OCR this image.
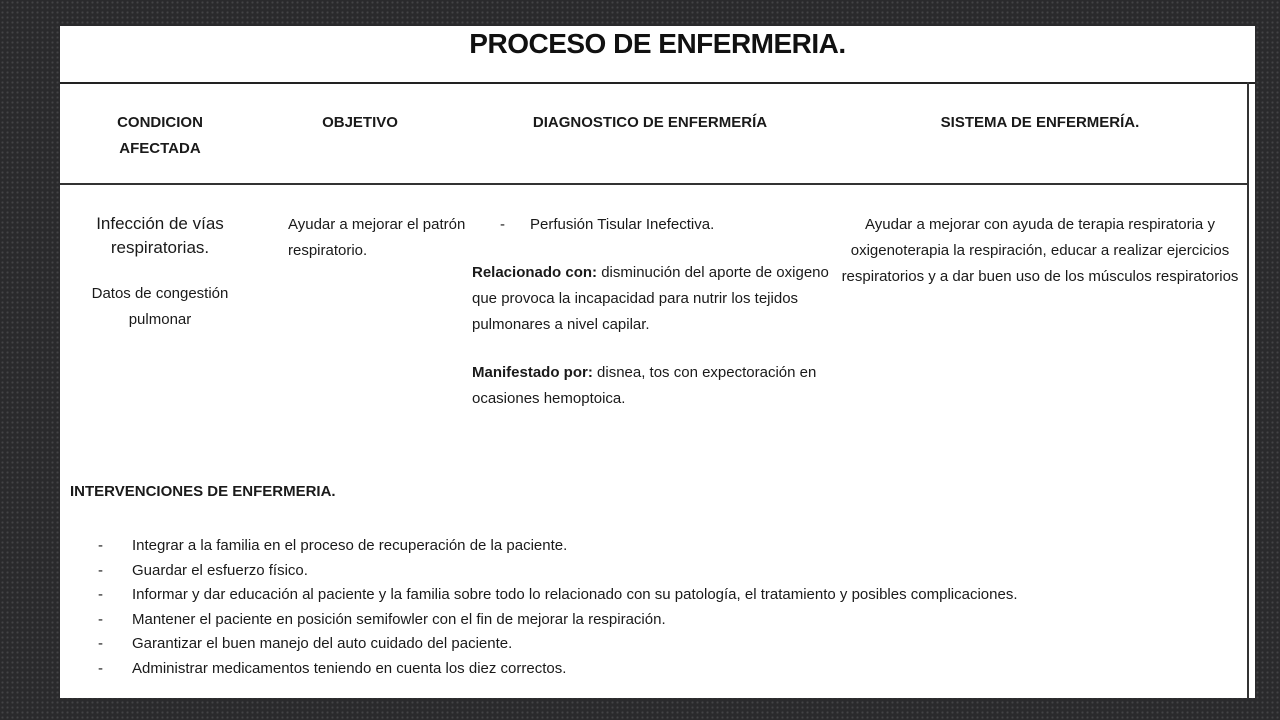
PROCESO DE ENFERMERIA.
CONDICION AFECTADA
OBJETIVO	DIAGNOSTICO DE ENFERMERÍA	SISTEMA DE ENFERMERÍA.
Infección de vías respiratorias.
Datos de congestión pulmonar
Ayudar a mejorar el patrón respiratorio.
- Perfusión Tisular Inefectiva.
Relacionado con: disminución del aporte de oxigeno que provoca la incapacidad para nutrir los tejidos pulmonares a nivel capilar.
Manifestado por: disnea, tos con expectoración en ocasiones hemoptoica.
Ayudar a mejorar con ayuda de terapia respiratoria y oxigenoterapia la respiración, educar a realizar ejercicios respiratorios y a dar buen uso de los músculos respiratorios
INTERVENCIONES DE ENFERMERIA.
- Integrar a la familia en el proceso de recuperación de la paciente.
- Guardar el esfuerzo físico.
- Informar y dar educación al paciente y la familia sobre todo lo relacionado con su patología, el tratamiento y posibles complicaciones.
- Mantener el paciente en posición semifowler con el fin de mejorar la respiración.
- Garantizar el buen manejo del auto cuidado del paciente.
- Administrar medicamentos teniendo en cuenta los diez correctos.
